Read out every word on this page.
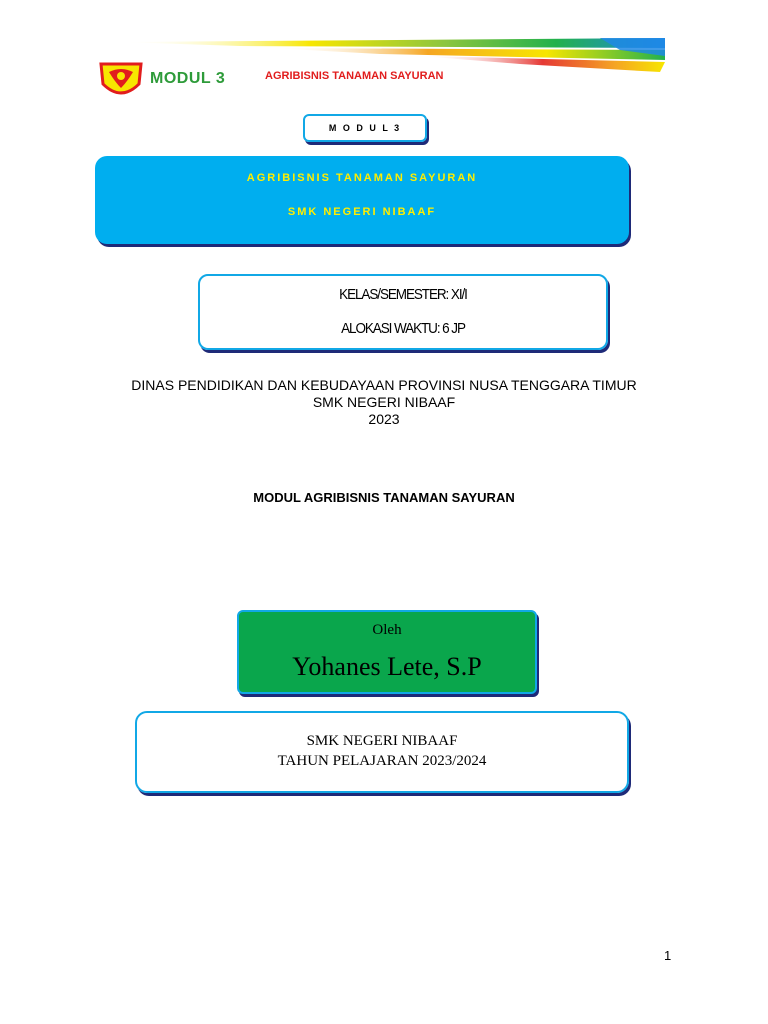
MODUL 3	AGRIBISNIS TANAMAN SAYURAN
M O D U L 3
AGRIBISNIS TANAMAN SAYURAN
SMK NEGERI NIBAAF
KELAS/SEMESTER: XI/I
ALOKASI WAKTU: 6 JP
DINAS PENDIDIKAN DAN KEBUDAYAAN PROVINSI NUSA TENGGARA TIMUR
SMK NEGERI NIBAAF
2023
MODUL AGRIBISNIS TANAMAN SAYURAN
Oleh
Yohanes Lete, S.P
SMK NEGERI NIBAAF
TAHUN PELAJARAN 2023/2024
1
